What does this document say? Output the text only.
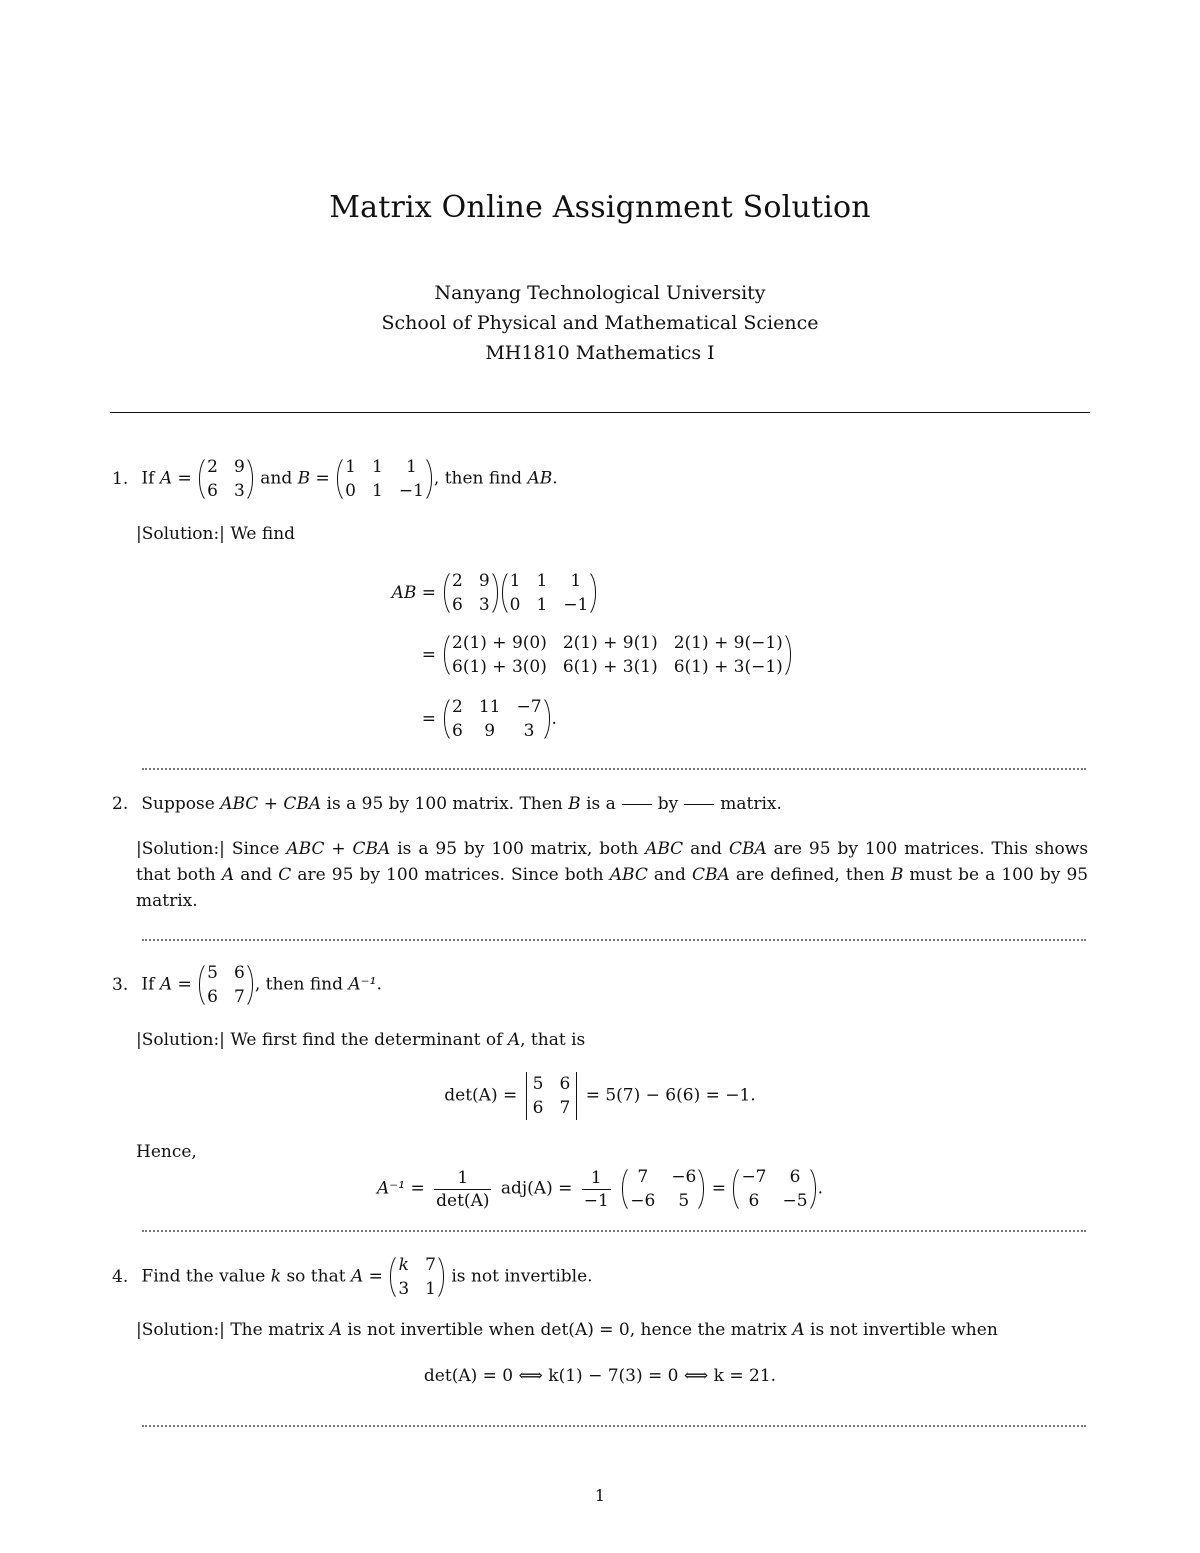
Matrix Online Assignment Solution
Nanyang Technological University
School of Physical and Mathematical Science
MH1810 Mathematics I
1. If A =
2 9
6 3
and B =
1 1	1
0 1 −1
, then find AB.
|Solution:| We find
AB =
2 9
6 3
1 1	1
0 1 −1
=
2(1) + 9(0) 2(1) + 9(1) 2(1) + 9(−1)
6(1) + 3(0) 6(1) + 3(1) 6(1) + 3(−1)
=
2 11 −7
6	9	3
.
2. Suppose ABC + CBA is a 95 by 100 matrix. Then B is a by matrix.
|Solution:| Since ABC + CBA is a 95 by 100 matrix, both ABC and CBA are 95 by 100 matrices. This shows that both A and C are 95 by 100 matrices. Since both ABC and CBA are defined, then B must be a 100 by 95 matrix.
3. If A =
5 6
6 7
, then find A⁻¹.
|Solution:| We first find the determinant of A, that is
det(A) =
5 6
6 7
= 5(7) − 6(6) = −1.
Hence,
$A^{-1} = \frac{1}{\det(A)} adj(A) = \frac{1}{-1}$
	7	−6
−6	5
=
−7	6
6	−5
.
4. Find the value k so that A =
k 7
3 1
is not invertible.
|Solution:| The matrix A is not invertible when det(A) = 0, hence the matrix A is not invertible when
det(A) = 0 ⟺ k(1) − 7(3) = 0 ⟺ k = 21.
1
